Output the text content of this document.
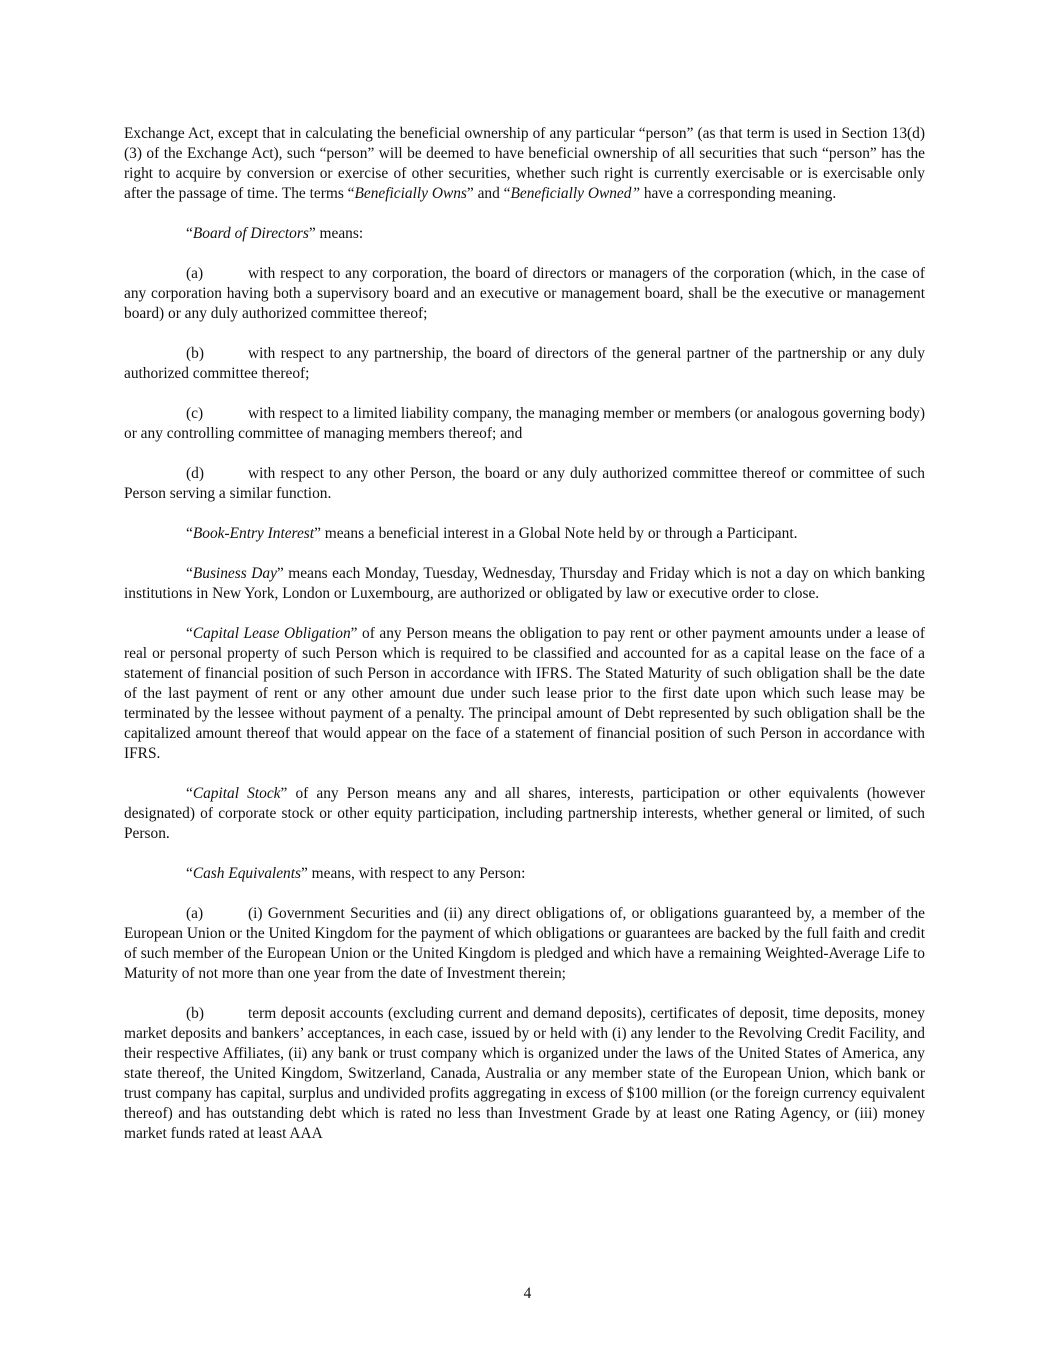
Exchange Act, except that in calculating the beneficial ownership of any particular “person” (as that term is used in Section 13(d)(3) of the Exchange Act), such “person” will be deemed to have beneficial ownership of all securities that such “person” has the right to acquire by conversion or exercise of other securities, whether such right is currently exercisable or is exercisable only after the passage of time. The terms “Beneficially Owns” and “Beneficially Owned” have a corresponding meaning.

“Board of Directors” means:

(a)	with respect to any corporation, the board of directors or managers of the corporation (which, in the case of any corporation having both a supervisory board and an executive or management board, shall be the executive or management board) or any duly authorized committee thereof;

(b)	with respect to any partnership, the board of directors of the general partner of the partnership or any duly authorized committee thereof;

(c)	with respect to a limited liability company, the managing member or members (or analogous governing body) or any controlling committee of managing members thereof; and

(d)	with respect to any other Person, the board or any duly authorized committee thereof or committee of such Person serving a similar function.

“Book-Entry Interest” means a beneficial interest in a Global Note held by or through a Participant.

“Business Day” means each Monday, Tuesday, Wednesday, Thursday and Friday which is not a day on which banking institutions in New York, London or Luxembourg, are authorized or obligated by law or executive order to close.

“Capital Lease Obligation” of any Person means the obligation to pay rent or other payment amounts under a lease of real or personal property of such Person which is required to be classified and accounted for as a capital lease on the face of a statement of financial position of such Person in accordance with IFRS. The Stated Maturity of such obligation shall be the date of the last payment of rent or any other amount due under such lease prior to the first date upon which such lease may be terminated by the lessee without payment of a penalty. The principal amount of Debt represented by such obligation shall be the capitalized amount thereof that would appear on the face of a statement of financial position of such Person in accordance with IFRS.

“Capital Stock” of any Person means any and all shares, interests, participation or other equivalents (however designated) of corporate stock or other equity participation, including partnership interests, whether general or limited, of such Person.

“Cash Equivalents” means, with respect to any Person:

(a)	(i) Government Securities and (ii) any direct obligations of, or obligations guaranteed by, a member of the European Union or the United Kingdom for the payment of which obligations or guarantees are backed by the full faith and credit of such member of the European Union or the United Kingdom is pledged and which have a remaining Weighted-Average Life to Maturity of not more than one year from the date of Investment therein;

(b)	term deposit accounts (excluding current and demand deposits), certificates of deposit, time deposits, money market deposits and bankers’ acceptances, in each case, issued by or held with (i) any lender to the Revolving Credit Facility, and their respective Affiliates, (ii) any bank or trust company which is organized under the laws of the United States of America, any state thereof, the United Kingdom, Switzerland, Canada, Australia or any member state of the European Union, which bank or trust company has capital, surplus and undivided profits aggregating in excess of $100 million (or the foreign currency equivalent thereof) and has outstanding debt which is rated no less than Investment Grade by at least one Rating Agency, or (iii) money market funds rated at least AAA

4
